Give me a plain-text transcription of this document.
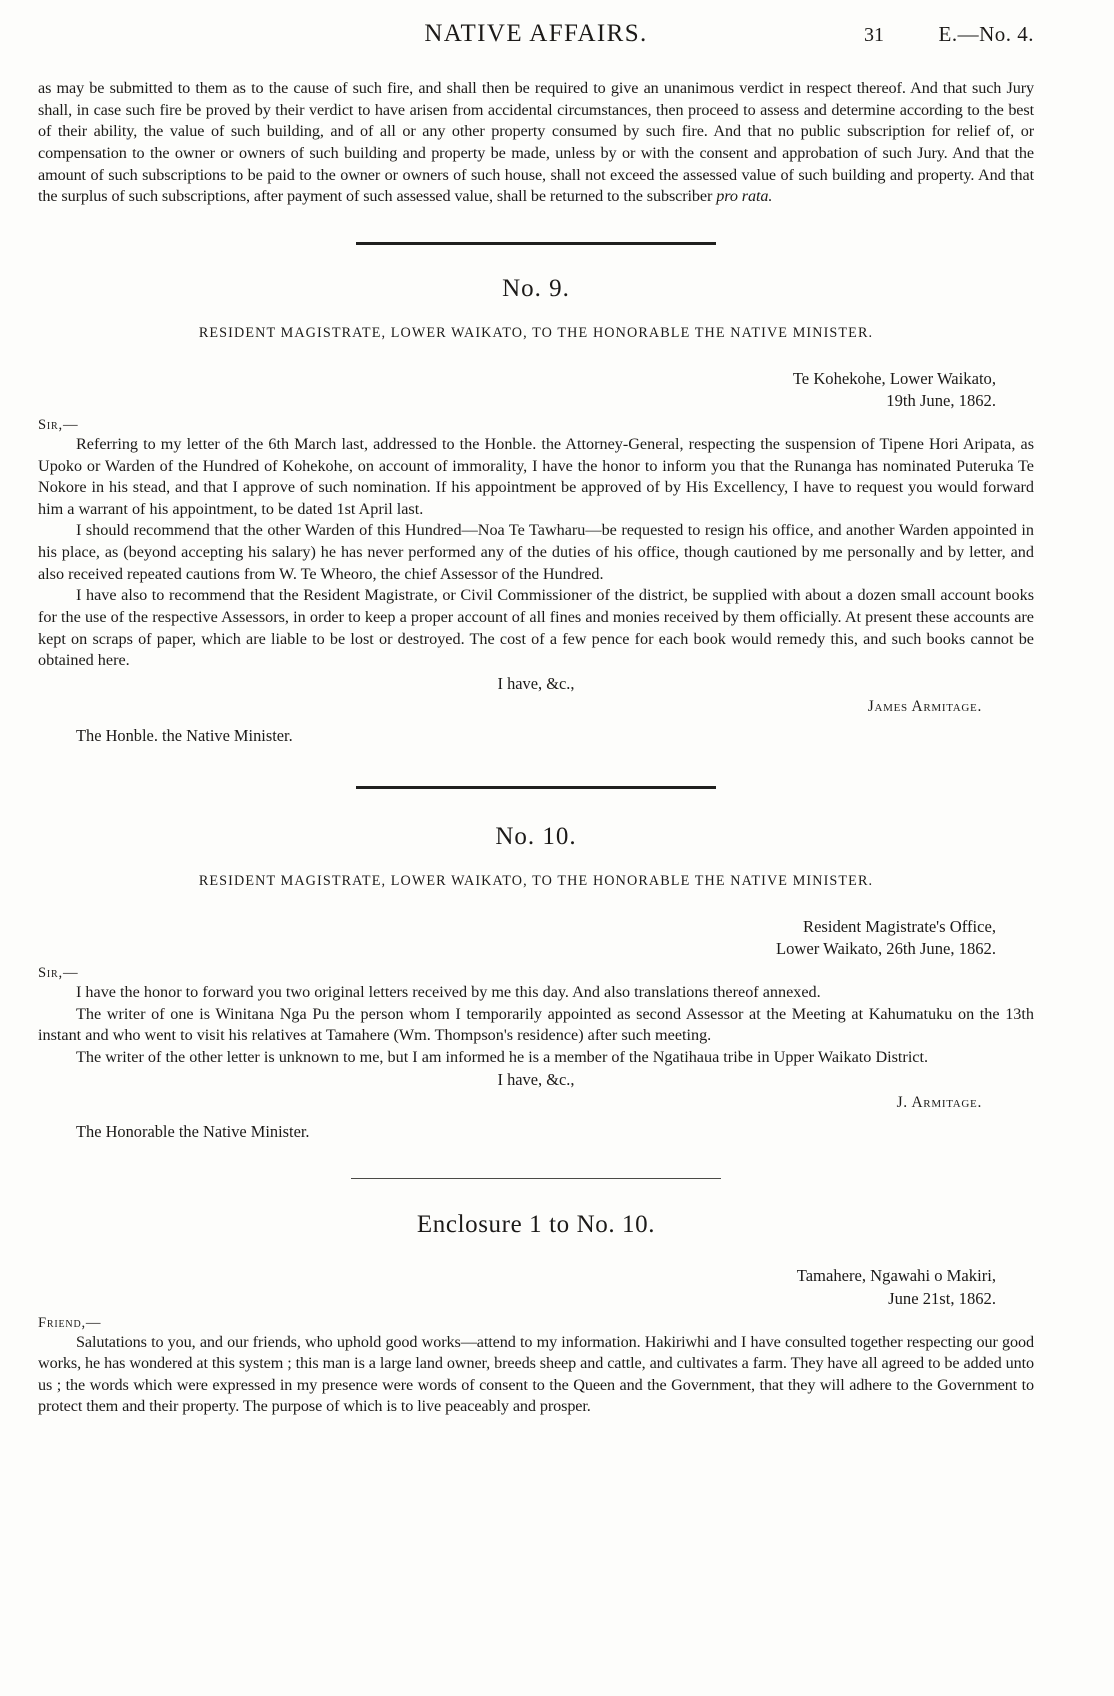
NATIVE AFFAIRS.	31	E.—No. 4.

as may be submitted to them as to the cause of such fire, and shall then be required to give an unanimous verdict in respect thereof. And that such Jury shall, in case such fire be proved by their verdict to have arisen from accidental circumstances, then proceed to assess and determine according to the best of their ability, the value of such building, and of all or any other property consumed by such fire. And that no public subscription for relief of, or compensation to the owner or owners of such building and property be made, unless by or with the consent and approbation of such Jury. And that the amount of such subscriptions to be paid to the owner or owners of such house, shall not exceed the assessed value of such building and property. And that the surplus of such subscriptions, after payment of such assessed value, shall be returned to the subscriber pro rata.

No. 9.
RESIDENT MAGISTRATE, LOWER WAIKATO, TO THE HONORABLE THE NATIVE MINISTER.
Te Kohekohe, Lower Waikato,

19th June, 1862.
Sir,—

Referring to my letter of the 6th March last, addressed to the Honble. the Attorney-General, respecting the suspension of Tipene Hori Aripata, as Upoko or Warden of the Hundred of Kohekohe, on account of immorality, I have the honor to inform you that the Runanga has nominated Puteruka Te Nokore in his stead, and that I approve of such nomination. If his appointment be approved of by His Excellency, I have to request you would forward him a warrant of his appointment, to be dated 1st April last.

I should recommend that the other Warden of this Hundred—Noa Te Tawharu—be requested to resign his office, and another Warden appointed in his place, as (beyond accepting his salary) he has never performed any of the duties of his office, though cautioned by me personally and by letter, and also received repeated cautions from W. Te Wheoro, the chief Assessor of the Hundred.

I have also to recommend that the Resident Magistrate, or Civil Commissioner of the district, be supplied with about a dozen small account books for the use of the respective Assessors, in order to keep a proper account of all fines and monies received by them officially. At present these accounts are kept on scraps of paper, which are liable to be lost or destroyed. The cost of a few pence for each book would remedy this, and such books cannot be obtained here.

I have, &c.,
James Armitage.
The Honble. the Native Minister.
No. 10.
RESIDENT MAGISTRATE, LOWER WAIKATO, TO THE HONORABLE THE NATIVE MINISTER.
Resident Magistrate's Office,

Lower Waikato, 26th June, 1862.
Sir,—

I have the honor to forward you two original letters received by me this day. And also translations thereof annexed.

The writer of one is Winitana Nga Pu the person whom I temporarily appointed as second Assessor at the Meeting at Kahumatuku on the 13th instant and who went to visit his relatives at Tamahere (Wm. Thompson's residence) after such meeting.

The writer of the other letter is unknown to me, but I am informed he is a member of the Ngatihaua tribe in Upper Waikato District.

I have, &c.,
J. Armitage.
The Honorable the Native Minister.
Enclosure 1 to No. 10.
Tamahere, Ngawahi o Makiri,

June 21st, 1862.
Friend,—

Salutations to you, and our friends, who uphold good works—attend to my information. Hakiriwhi and I have consulted together respecting our good works, he has wondered at this system ; this man is a large land owner, breeds sheep and cattle, and cultivates a farm. They have all agreed to be added unto us ; the words which were expressed in my presence were words of consent to the Queen and the Government, that they will adhere to the Government to protect them and their property. The purpose of which is to live peaceably and prosper.
